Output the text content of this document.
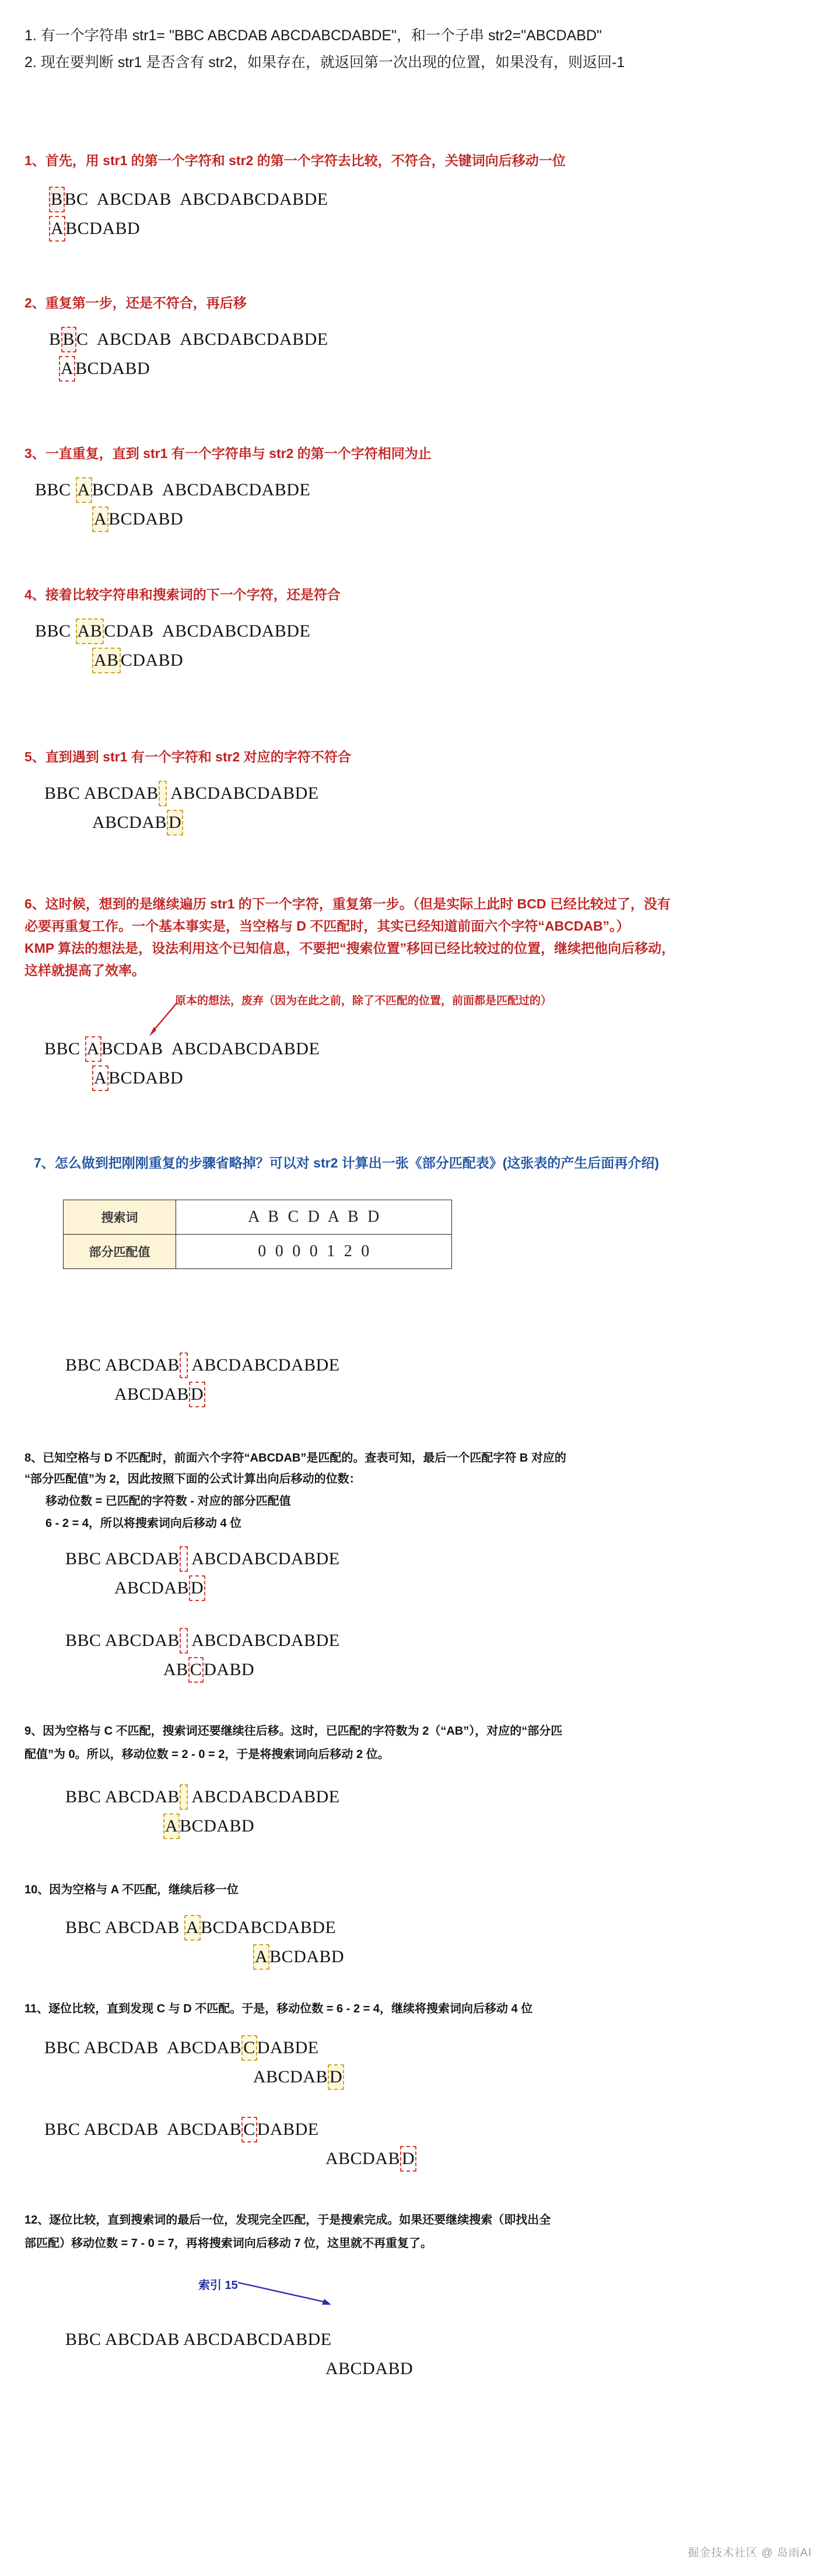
1. 有一个字符串 str1= "BBC ABCDAB ABCDABCDABDE"，和一个子串 str2="ABCDABD"
2. 现在要判断 str1 是否含有 str2，如果存在，就返回第一次出现的位置，如果没有，则返回-1
1、首先，用 str1 的第一个字符和 str2 的第一个字符去比较，不符合，关键词向后移动一位
B BC  ABCDAB  ABCDABCDABDE
A BCDABD
2、重复第一步，还是不符合，再后移
B B C  ABCDAB  ABCDABCDABDE
A BCDABD
3、一直重复，直到 str1 有一个字符串与 str2 的第一个字符相同为止
BBC A BCDAB  ABCDABCDABDE
A BCDABD
4、接着比较字符串和搜索词的下一个字符，还是符合
BBC AB CDAB  ABCDABCDABDE
AB CDABD
5、直到遇到 str1 有一个字符和 str2 对应的字符不符合
BBC ABCDAB  ABCDABCDABDE
ABCDAB D
6、这时候，想到的是继续遍历 str1 的下一个字符，重复第一步。（但是实际上此时 BCD 已经比较过了，没有
必要再重复工作。一个基本事实是，当空格与 D 不匹配时，其实已经知道前面六个字符“ABCDAB”。）
KMP 算法的想法是，设法利用这个已知信息，不要把“搜索位置”移回已经比较过的位置，继续把他向后移动，
这样就提高了效率。
原本的想法，废弃（因为在此之前，除了不匹配的位置，前面都是匹配过的）
BBC A BCDAB  ABCDABCDABDE
A BCDABD
7、怎么做到把刚刚重复的步骤省略掉？可以对 str2 计算出一张《部分匹配表》(这张表的产生后面再介绍)
搜索词	A  B  C  D  A  B  D
部分匹配值	0  0  0  0  1  2  0
BBC ABCDAB  ABCDABCDABDE
ABCDAB D
8、已知空格与 D 不匹配时，前面六个字符“ABCDAB”是匹配的。查表可知，最后一个匹配字符 B 对应的
“部分匹配值”为 2，因此按照下面的公式计算出向后移动的位数：
移动位数 = 已匹配的字符数 - 对应的部分匹配值
6 - 2 = 4，所以将搜索词向后移动 4 位
BBC ABCDAB  ABCDABCDABDE
ABCDAB D
BBC ABCDAB  ABCDABCDABDE
AB C DABD
9、因为空格与 C 不匹配，搜索词还要继续往后移。这时，已匹配的字符数为 2（“AB”），对应的“部分匹
配值”为 0。所以，移动位数 = 2 - 0 = 2，于是将搜索词向后移动 2 位。
BBC ABCDAB  ABCDABCDABDE
A BCDABD
10、因为空格与 A 不匹配，继续后移一位
BBC ABCDAB A BCDABCDABDE
A BCDABD
11、逐位比较，直到发现 C 与 D 不匹配。于是，移动位数 = 6 - 2 = 4，继续将搜索词向后移动 4 位
BBC ABCDAB  ABCDAB C DABDE
ABCDAB D
BBC ABCDAB  ABCDAB C DABDE
ABCDAB D
12、逐位比较，直到搜索词的最后一位，发现完全匹配，于是搜索完成。如果还要继续搜索（即找出全
部匹配）移动位数 = 7 - 0 = 7，再将搜索词向后移动 7 位，这里就不再重复了。
索引 15
BBC ABCDAB ABCDABCDABDE
ABCDABD
掘金技术社区 @ 岛雨AI
